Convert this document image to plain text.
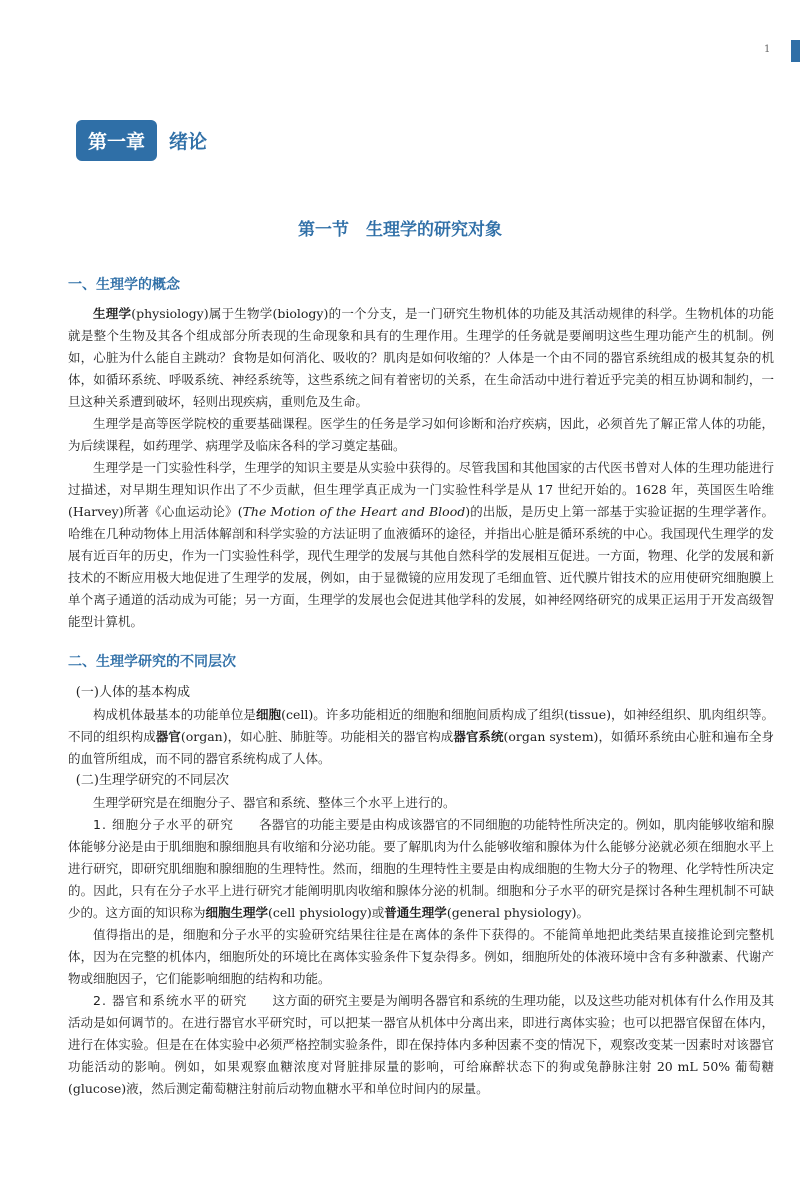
1
第一章	绪论
第一节　生理学的研究对象
一、生理学的概念

生理学(physiology)属于生物学(biology)的一个分支，是一门研究生物机体的功能及其活动规律的科学。生物机体的功能就是整个生物及其各个组成部分所表现的生命现象和具有的生理作用。生理学的任务就是要阐明这些生理功能产生的机制。例如，心脏为什么能自主跳动？食物是如何消化、吸收的？肌肉是如何收缩的？人体是一个由不同的器官系统组成的极其复杂的机体，如循环系统、呼吸系统、神经系统等，这些系统之间有着密切的关系，在生命活动中进行着近乎完美的相互协调和制约，一旦这种关系遭到破坏，轻则出现疾病，重则危及生命。

生理学是高等医学院校的重要基础课程。医学生的任务是学习如何诊断和治疗疾病，因此，必须首先了解正常人体的功能，为后续课程，如药理学、病理学及临床各科的学习奠定基础。

生理学是一门实验性科学，生理学的知识主要是从实验中获得的。尽管我国和其他国家的古代医书曾对人体的生理功能进行过描述，对早期生理知识作出了不少贡献，但生理学真正成为一门实验性科学是从 17 世纪开始的。1628 年，英国医生哈维(Harvey)所著《心血运动论》(The Motion of the Heart and Blood)的出版，是历史上第一部基于实验证据的生理学著作。哈维在几种动物体上用活体解剖和科学实验的方法证明了血液循环的途径，并指出心脏是循环系统的中心。我国现代生理学的发展有近百年的历史，作为一门实验性科学，现代生理学的发展与其他自然科学的发展相互促进。一方面，物理、化学的发展和新技术的不断应用极大地促进了生理学的发展，例如，由于显微镜的应用发现了毛细血管、近代膜片钳技术的应用使研究细胞膜上单个离子通道的活动成为可能；另一方面，生理学的发展也会促进其他学科的发展，如神经网络研究的成果正运用于开发高级智能型计算机。

二、生理学研究的不同层次

(一)人体的基本构成

构成机体最基本的功能单位是细胞(cell)。许多功能相近的细胞和细胞间质构成了组织(tissue)，如神经组织、肌肉组织等。不同的组织构成器官(organ)，如心脏、肺脏等。功能相关的器官构成器官系统(organ system)，如循环系统由心脏和遍布全身的血管所组成，而不同的器官系统构成了人体。

(二)生理学研究的不同层次

生理学研究是在细胞分子、器官和系统、整体三个水平上进行的。

1. 细胞分子水平的研究　　 各器官的功能主要是由构成该器官的不同细胞的功能特性所决定的。例如，肌肉能够收缩和腺体能够分泌是由于肌细胞和腺细胞具有收缩和分泌功能。要了解肌肉为什么能够收缩和腺体为什么能够分泌就必须在细胞水平上进行研究，即研究肌细胞和腺细胞的生理特性。然而，细胞的生理特性主要是由构成细胞的生物大分子的物理、化学特性所决定的。因此，只有在分子水平上进行研究才能阐明肌肉收缩和腺体分泌的机制。细胞和分子水平的研究是探讨各种生理机制不可缺少的。这方面的知识称为细胞生理学(cell physiology)或普通生理学(general physiology)。

值得指出的是，细胞和分子水平的实验研究结果往往是在离体的条件下获得的。不能简单地把此类结果直接推论到完整机体，因为在完整的机体内，细胞所处的环境比在离体实验条件下复杂得多。例如，细胞所处的体液环境中含有多种激素、代谢产物或细胞因子，它们能影响细胞的结构和功能。

2. 器官和系统水平的研究　　 这方面的研究主要是为阐明各器官和系统的生理功能，以及这些功能对机体有什么作用及其活动是如何调节的。在进行器官水平研究时，可以把某一器官从机体中分离出来，即进行离体实验；也可以把器官保留在体内，进行在体实验。但是在在体实验中必须严格控制实验条件，即在保持体内多种因素不变的情况下，观察改变某一因素时对该器官功能活动的影响。例如，如果观察血糖浓度对肾脏排尿量的影响，可给麻醉状态下的狗或兔静脉注射 20 mL 50% 葡萄糖(glucose)液，然后测定葡萄糖注射前后动物血糖水平和单位时间内的尿量。
